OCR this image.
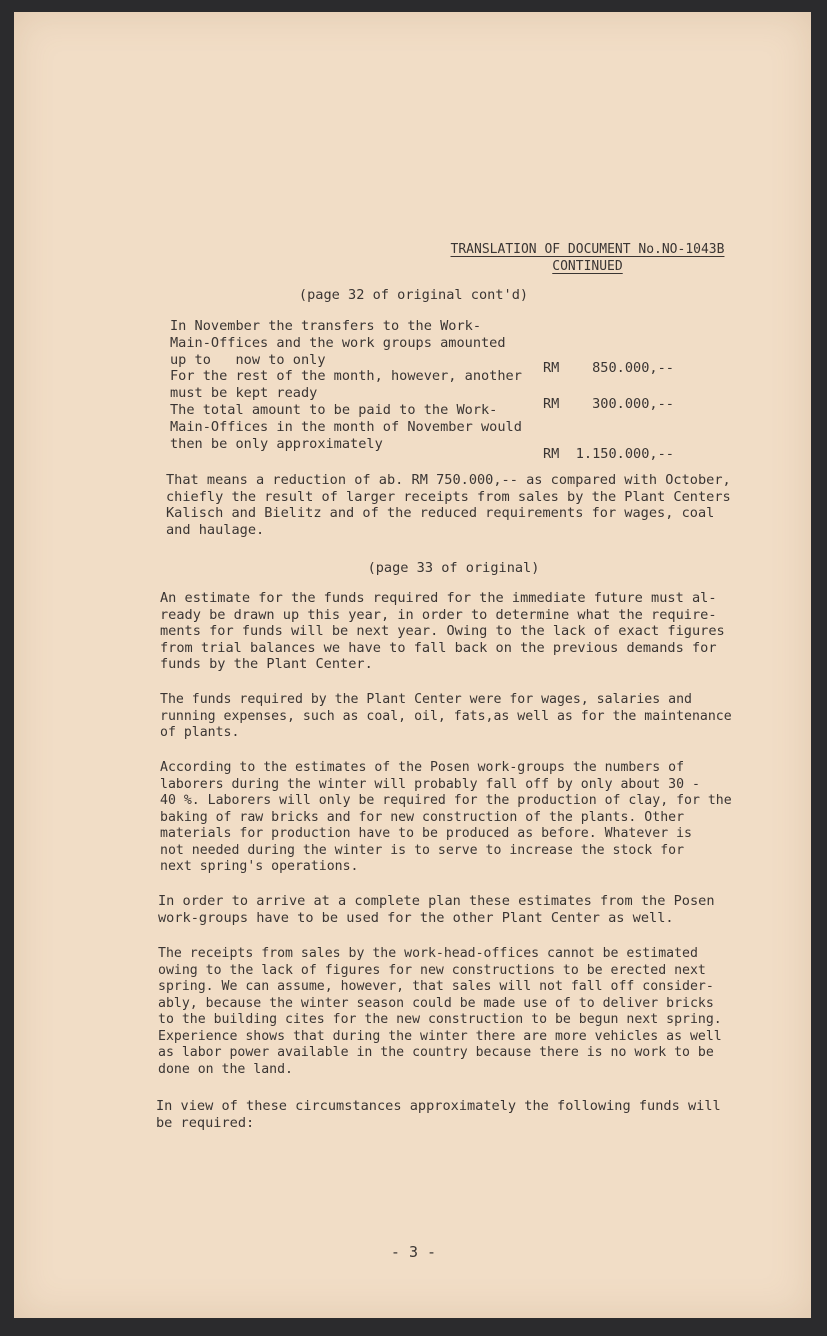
TRANSLATION OF DOCUMENT No.NO-1043B
CONTINUED
(page 32 of original cont'd)
In November the transfers to the Work-
Main-Offices and the work groups amounted
up to   now to only
For the rest of the month, however, another
must be kept ready
The total amount to be paid to the Work-
Main-Offices in the month of November would
then be only approximately
RM    850.000,--
RM    300.000,--
RM  1.150.000,--
That means a reduction of ab. RM 750.000,-- as compared with October,
chiefly the result of larger receipts from sales by the Plant Centers
Kalisch and Bielitz and of the reduced requirements for wages, coal
and haulage.
(page 33 of original)
An estimate for the funds required for the immediate future must al-
ready be drawn up this year, in order to determine what the require-
ments for funds will be next year. Owing to the lack of exact figures
from trial balances we have to fall back on the previous demands for
funds by the Plant Center.
The funds required by the Plant Center were for wages, salaries and
running expenses, such as coal, oil, fats,as well as for the maintenance
of plants.
According to the estimates of the Posen work-groups the numbers of
laborers during the winter will probably fall off by only about 30 -
40 %. Laborers will only be required for the production of clay, for the
baking of raw bricks and for new construction of the plants. Other
materials for production have to be produced as before. Whatever is
not needed during the winter is to serve to increase the stock for
next spring's operations.
In order to arrive at a complete plan these estimates from the Posen
work-groups have to be used for the other Plant Center as well.
The receipts from sales by the work-head-offices cannot be estimated
owing to the lack of figures for new constructions to be erected next
spring. We can assume, however, that sales will not fall off consider-
ably, because the winter season could be made use of to deliver bricks
to the building cites for the new construction to be begun next spring.
Experience shows that during the winter there are more vehicles as well
as labor power available in the country because there is no work to be
done on the land.
In view of these circumstances approximately the following funds will
be required:
- 3 -
